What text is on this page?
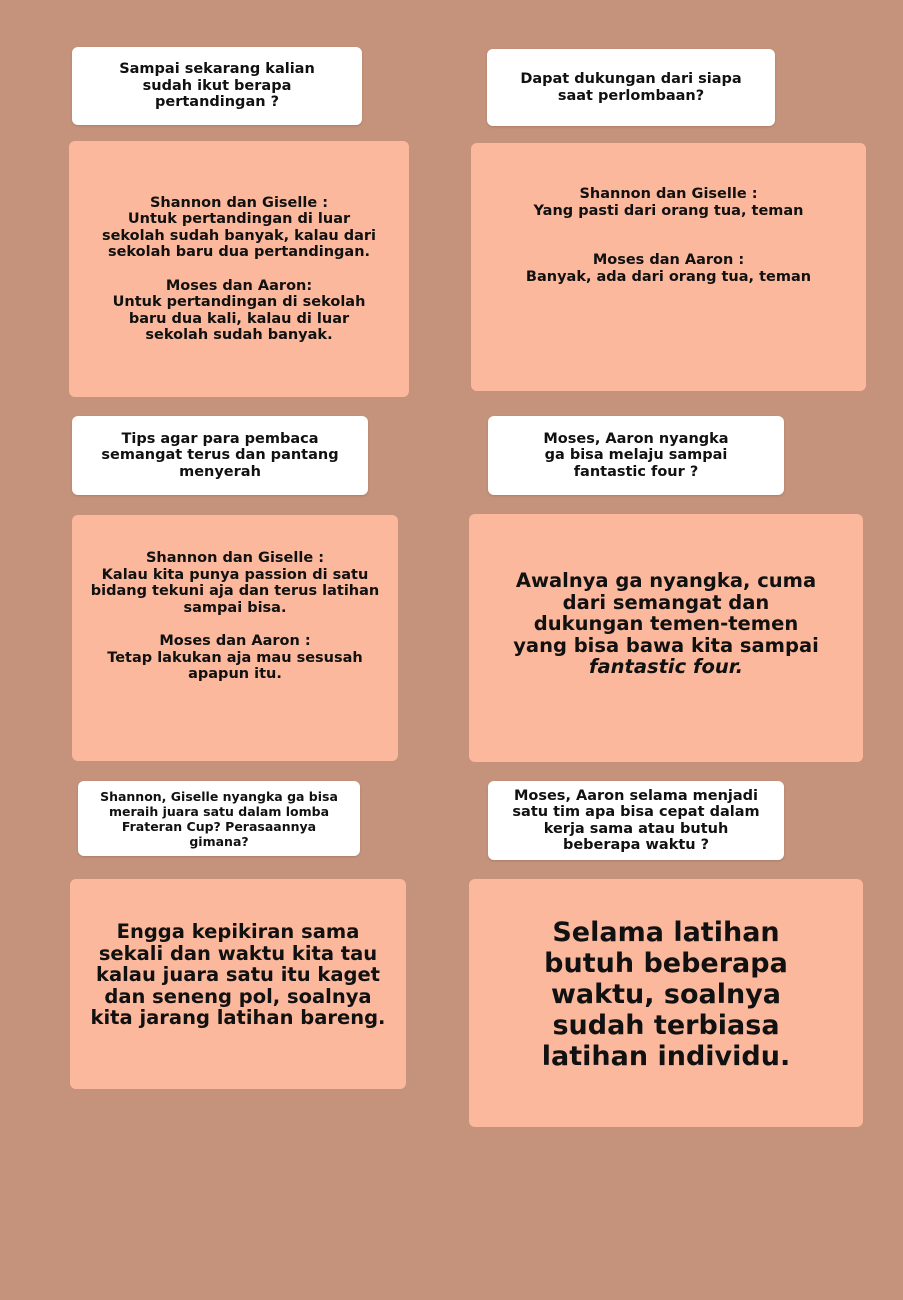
Sampai sekarang kalian
sudah ikut berapa
pertandingan ?
Dapat dukungan dari siapa
saat perlombaan?
Shannon dan Giselle :
Untuk pertandingan di luar
sekolah sudah banyak, kalau dari
sekolah baru dua pertandingan.
Moses dan Aaron:
Untuk pertandingan di sekolah
baru dua kali, kalau di luar
sekolah sudah banyak.
Shannon dan Giselle :
Yang pasti dari orang tua, teman
Moses dan Aaron :
Banyak, ada dari orang tua, teman
Tips agar para pembaca
semangat terus dan pantang
menyerah
Moses, Aaron nyangka
ga bisa melaju sampai
fantastic four ?
Shannon dan Giselle :
Kalau kita punya passion di satu
bidang tekuni aja dan terus latihan
sampai bisa.
Moses dan Aaron :
Tetap lakukan aja mau sesusah
apapun itu.
Awalnya ga nyangka, cuma
dari semangat dan
dukungan temen-temen
yang bisa bawa kita sampai
fantastic four.
Shannon, Giselle nyangka ga bisa
meraih juara satu dalam lomba
Frateran Cup? Perasaannya
gimana?
Moses, Aaron selama menjadi
satu tim apa bisa cepat dalam
kerja sama atau butuh
beberapa waktu ?
Engga kepikiran sama
sekali dan waktu kita tau
kalau juara satu itu kaget
dan seneng pol, soalnya
kita jarang latihan bareng.
Selama latihan
butuh beberapa
waktu, soalnya
sudah terbiasa
latihan individu.
